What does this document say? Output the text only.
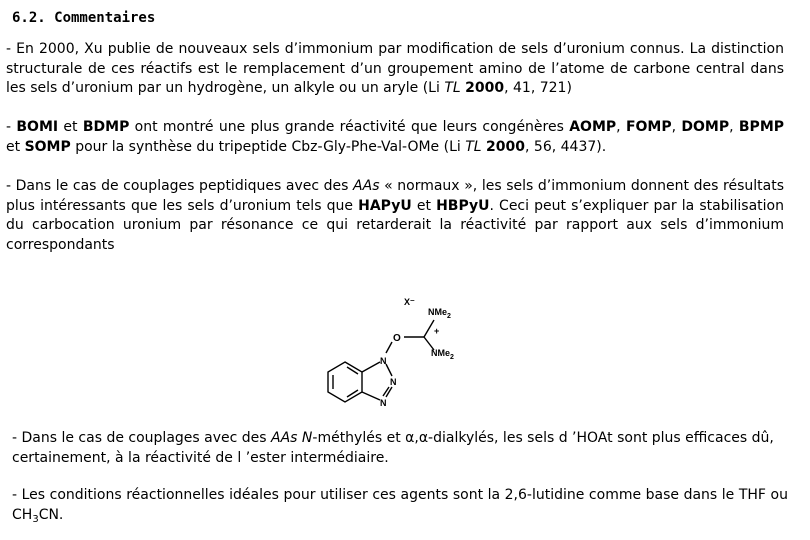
6.2. Commentaires
- En 2000, Xu publie de nouveaux sels d’immonium par modification de sels d’uronium connus. La distinction structurale de ces réactifs est le remplacement d’un groupement amino de l’atome de carbone central dans les sels d’uronium par un hydrogène, un alkyle ou un aryle (Li TL 2000, 41, 721)
- BOMI et BDMP ont montré une plus grande réactivité que leurs congénères AOMP, FOMP, DOMP, BPMP et SOMP pour la synthèse du tripeptide Cbz-Gly-Phe-Val-OMe (Li TL 2000, 56, 4437).
- Dans le cas de couplages peptidiques avec des AAs « normaux », les sels d’immonium donnent des résultats plus intéressants que les sels d’uronium tels que HAPyU et HBPyU. Ceci peut s’expliquer par la stabilisation du carbocation uronium par résonance ce qui retarderait la réactivité par rapport aux sels d’immonium correspondants
X⁻
O
NMe$_2$
+
NMe$_2$
N
N
N
- Dans le cas de couplages avec des AAs N-méthylés et α,α-dialkylés, les sels d ’HOAt sont plus efficaces dû, certainement, à la réactivité de l ’ester intermédiaire.
- Les conditions réactionnelles idéales pour utiliser ces agents sont la 2,6-lutidine comme base dans le THF ou $CH_3CN$.
